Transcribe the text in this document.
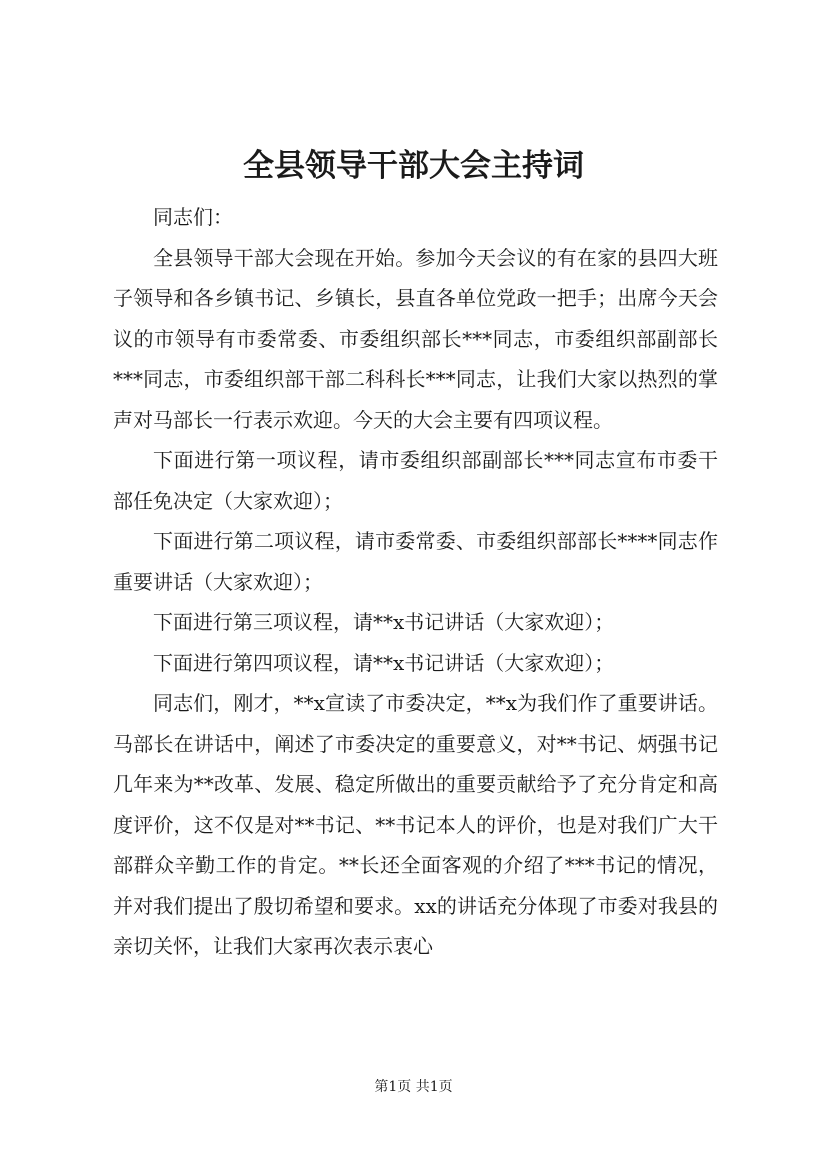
全县领导干部大会主持词

同志们：

全县领导干部大会现在开始。参加今天会议的有在家的县四大班子领导和各乡镇书记、乡镇长，县直各单位党政一把手；出席今天会议的市领导有市委常委、市委组织部长***同志，市委组织部副部长***同志，市委组织部干部二科科长***同志，让我们大家以热烈的掌声对马部长一行表示欢迎。今天的大会主要有四项议程。

下面进行第一项议程，请市委组织部副部长***同志宣布市委干部任免决定（大家欢迎）；

下面进行第二项议程，请市委常委、市委组织部部长****同志作重要讲话（大家欢迎）；

下面进行第三项议程，请**x书记讲话（大家欢迎）；

下面进行第四项议程，请**x书记讲话（大家欢迎）；

同志们，刚才，**x宣读了市委决定，**x为我们作了重要讲话。马部长在讲话中，阐述了市委决定的重要意义，对**书记、炳强书记几年来为**改革、发展、稳定所做出的重要贡献给予了充分肯定和高度评价，这不仅是对**书记、**书记本人的评价，也是对我们广大干部群众辛勤工作的肯定。**长还全面客观的介绍了***书记的情况，并对我们提出了殷切希望和要求。xx的讲话充分体现了市委对我县的亲切关怀，让我们大家再次表示衷心

第1页 共1页
